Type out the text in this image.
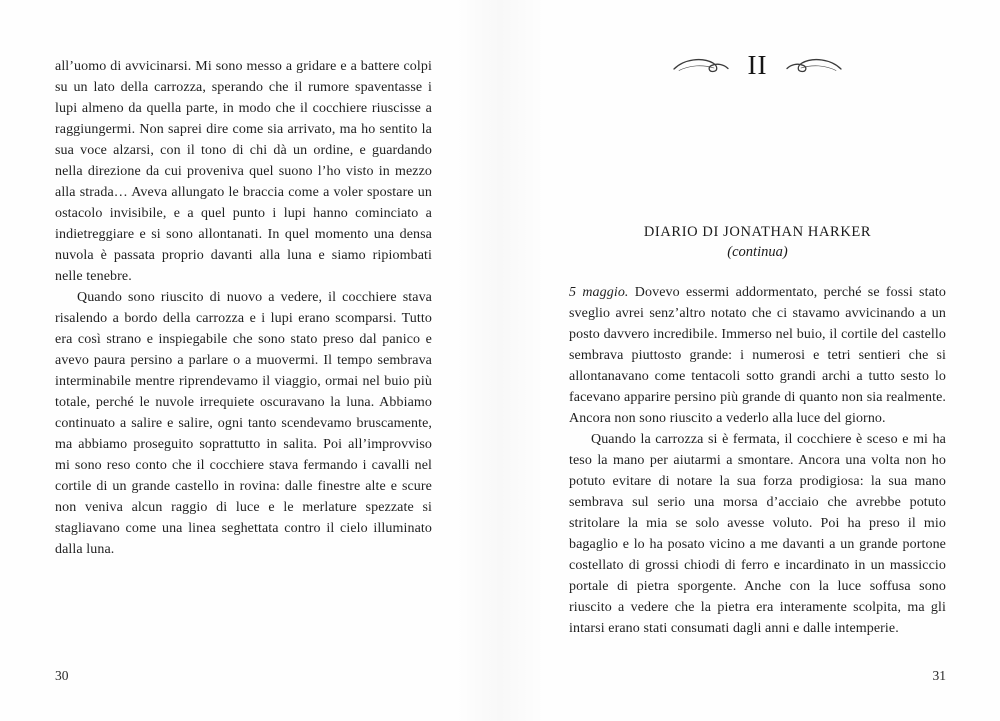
all’uomo di avvicinarsi. Mi sono messo a gridare e a battere colpi su un lato della carrozza, sperando che il rumore spaventasse i lupi almeno da quella parte, in modo che il cocchiere riuscisse a raggiungermi. Non saprei dire come sia arrivato, ma ho sentito la sua voce alzarsi, con il tono di chi dà un ordine, e guardando nella direzione da cui proveniva quel suono l’ho visto in mezzo alla strada… Aveva allungato le braccia come a voler spostare un ostacolo invisibile, e a quel punto i lupi hanno cominciato a indietreggiare e si sono allontanati. In quel momento una densa nuvola è passata proprio davanti alla luna e siamo ripiombati nelle tenebre.

Quando sono riuscito di nuovo a vedere, il cocchiere stava risalendo a bordo della carrozza e i lupi erano scomparsi. Tutto era così strano e inspiegabile che sono stato preso dal panico e avevo paura persino a parlare o a muovermi. Il tempo sembrava interminabile mentre riprendevamo il viaggio, ormai nel buio più totale, perché le nuvole irrequiete oscuravano la luna. Abbiamo continuato a salire e salire, ogni tanto scendevamo bruscamente, ma abbiamo proseguito soprattutto in salita. Poi all’improvviso mi sono reso conto che il cocchiere stava fermando i cavalli nel cortile di un grande castello in rovina: dalle finestre alte e scure non veniva alcun raggio di luce e le merlature spezzate si stagliavano come una linea seghettata contro il cielo illuminato dalla luna.

30
II
DIARIO DI JONATHAN HARKER
(continua)

5 maggio. Dovevo essermi addormentato, perché se fossi stato sveglio avrei senz’altro notato che ci stavamo avvicinando a un posto davvero incredibile. Immerso nel buio, il cortile del castello sembrava piuttosto grande: i numerosi e tetri sentieri che si allontanavano come tentacoli sotto grandi archi a tutto sesto lo facevano apparire persino più grande di quanto non sia realmente. Ancora non sono riuscito a vederlo alla luce del giorno.

Quando la carrozza si è fermata, il cocchiere è sceso e mi ha teso la mano per aiutarmi a smontare. Ancora una volta non ho potuto evitare di notare la sua forza prodigiosa: la sua mano sembrava sul serio una morsa d’acciaio che avrebbe potuto stritolare la mia se solo avesse voluto. Poi ha preso il mio bagaglio e lo ha posato vicino a me davanti a un grande portone costellato di grossi chiodi di ferro e incardinato in un massiccio portale di pietra sporgente. Anche con la luce soffusa sono riuscito a vedere che la pietra era interamente scolpita, ma gli intarsi erano stati consumati dagli anni e dalle intemperie.

31
